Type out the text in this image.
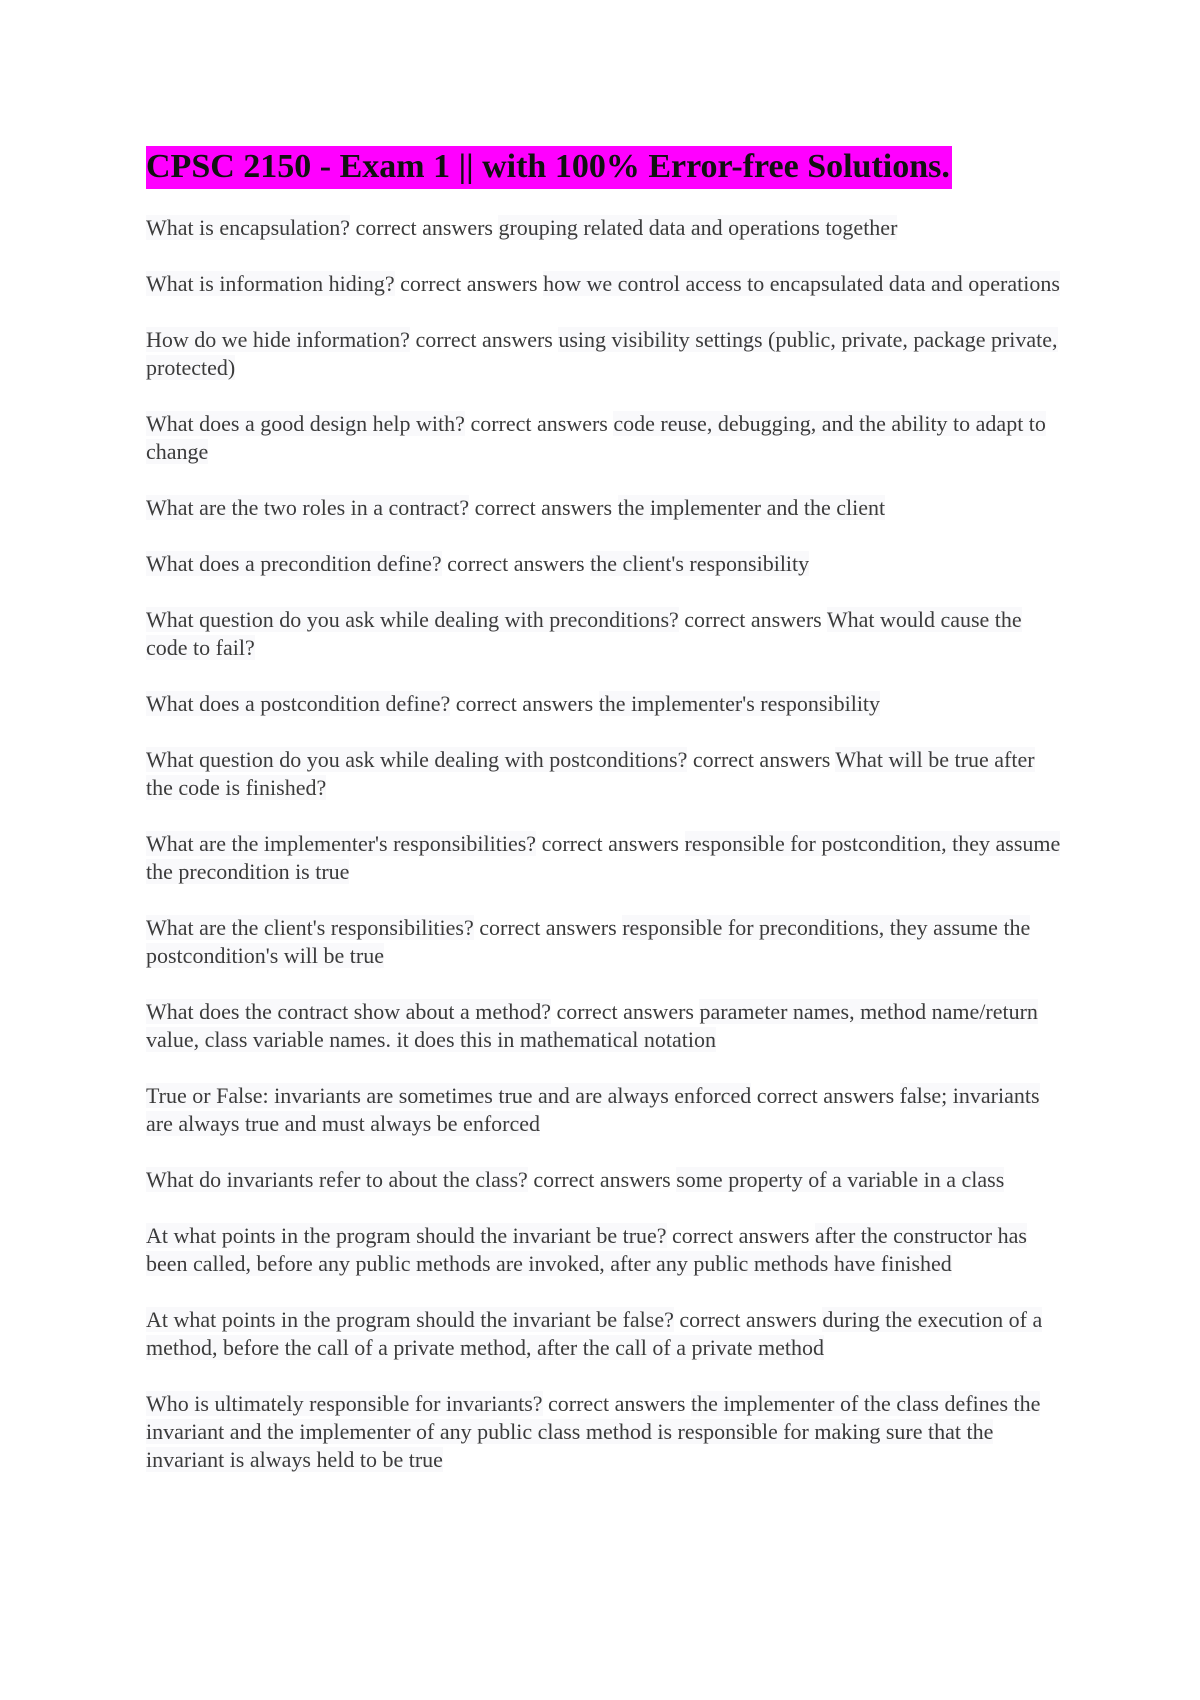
CPSC 2150 - Exam 1 || with 100% Error-free Solutions.

What is encapsulation? correct answers grouping related data and operations together

What is information hiding? correct answers how we control access to encapsulated data and operations

How do we hide information? correct answers using visibility settings (public, private, package private, protected)

What does a good design help with? correct answers code reuse, debugging, and the ability to adapt to change

What are the two roles in a contract? correct answers the implementer and the client

What does a precondition define? correct answers the client's responsibility

What question do you ask while dealing with preconditions? correct answers What would cause the code to fail?

What does a postcondition define? correct answers the implementer's responsibility

What question do you ask while dealing with postconditions? correct answers What will be true after the code is finished?

What are the implementer's responsibilities? correct answers responsible for postcondition, they assume the precondition is true

What are the client's responsibilities? correct answers responsible for preconditions, they assume the postcondition's will be true

What does the contract show about a method? correct answers parameter names, method name/return value, class variable names. it does this in mathematical notation

True or False: invariants are sometimes true and are always enforced correct answers false; invariants are always true and must always be enforced

What do invariants refer to about the class? correct answers some property of a variable in a class

At what points in the program should the invariant be true? correct answers after the constructor has been called, before any public methods are invoked, after any public methods have finished

At what points in the program should the invariant be false? correct answers during the execution of a method, before the call of a private method, after the call of a private method

Who is ultimately responsible for invariants? correct answers the implementer of the class defines the invariant and the implementer of any public class method is responsible for making sure that the invariant is always held to be true
